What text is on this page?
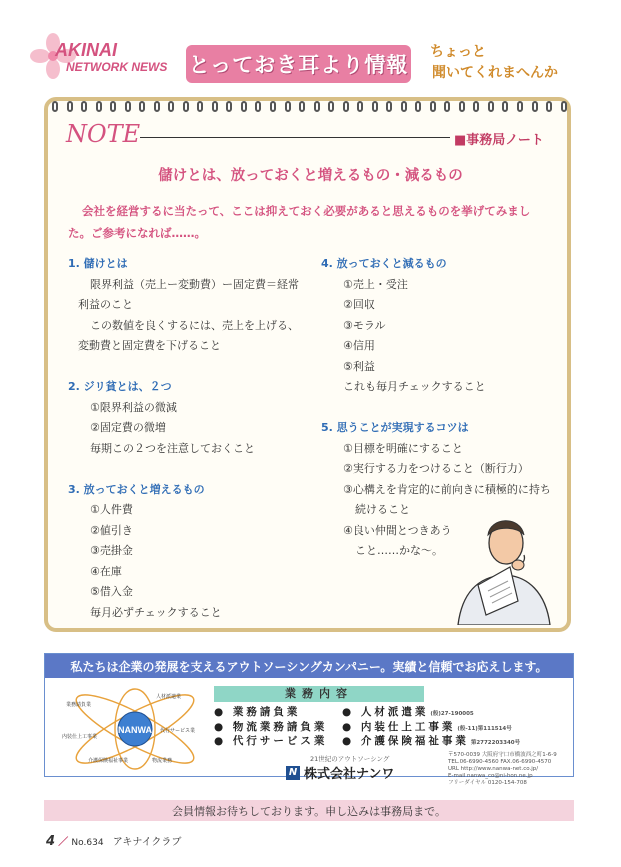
AKINAI
NETWORK NEWS とっておき耳より情報
ちょっと
聞いてくれまへんか
NOTE	■事務局ノート
儲けとは、放っておくと増えるもの・減るもの
会社を経営するに当たって、ここは抑えておく必要があると思えるものを挙げてみまし
た。ご参考になれば……。
1. 儲けとは
限界利益（売上ー変動費）ー固定費＝経常
利益のこと
この数値を良くするには、売上を上げる、
変動費と固定費を下げること
2. ジリ貧とは、２つ
①限界利益の微減
②固定費の微増
毎期この２つを注意しておくこと
3. 放っておくと増えるもの
①人件費
②値引き
③売掛金
④在庫
⑤借入金
毎月必ずチェックすること
4. 放っておくと減るもの
①売上・受注
②回収
③モラル
④信用
⑤利益
これも毎月チェックすること
5. 思うことが実現するコツは
①目標を明確にすること
②実行する力をつけること（断行力）
③心構えを肯定的に前向きに積極的に持ち
続けること
④良い仲間とつきあう
こと……かな〜。
私たちは企業の発展を支えるアウトソーシングカンパニー。実績と信頼でお応えします。
NANWA
業務請負業
人材派遣業
代行サービス業
介護保険福祉事業	物流業務
内装仕上工事業
業務内容
● 業務請負業	● 人材派遣業 (般)27-190005
● 物流業務請負業	● 内装仕上工事業 (般-11)第111514号
● 代行サービス業	● 介護保険福祉事業 第2772203340号
21世紀のアウトソーシング
N 株式会社ナンワ
〒570-0039 大阪府守口市橋波西之町1-6-9
TEL.06-6990-4560 FAX.06-6990-4570
URL http://www.nanwa-net.co.jp/
E-mail nanwa_co@ni-hon.ne.jp
フリーダイヤル 0120-154-708
会員情報お待ちしております。申し込みは事務局まで。
4 ／ No.634 アキナイクラブ
